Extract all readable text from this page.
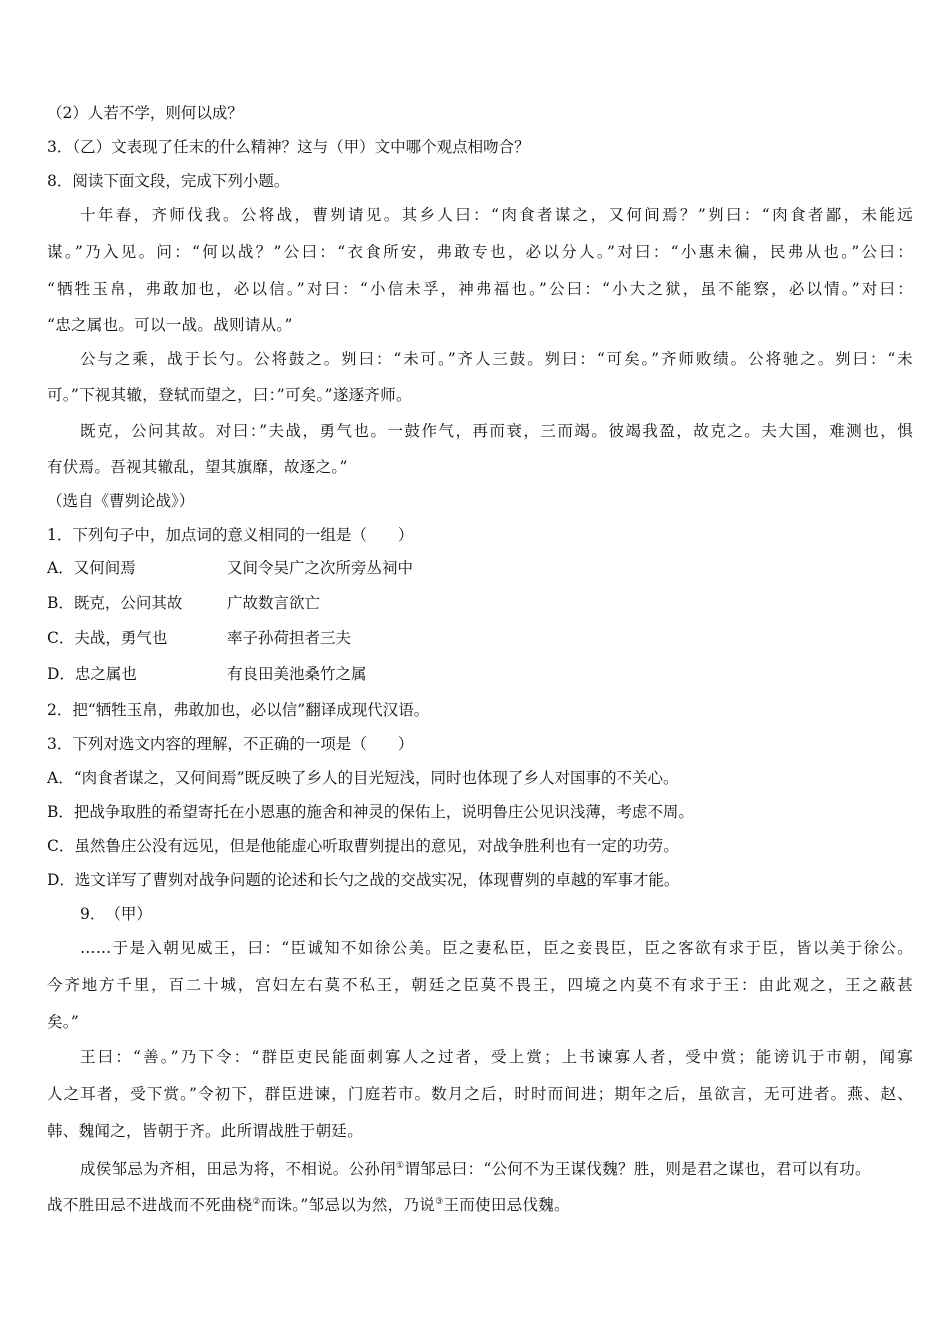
（2）人若不学，则何以成？
3．（乙）文表现了任末的什么精神？这与（甲）文中哪个观点相吻合？
8．阅读下面文段，完成下列小题。
十年春，齐师伐我。公将战，曹刿请见。其乡人曰：“肉食者谋之，又何间焉？”刿曰：“肉食者鄙，未能远
谋。”乃入见。问：“何以战？”公曰：“衣食所安，弗敢专也，必以分人。”对曰：“小惠未徧，民弗从也。”公曰：
“牺牲玉帛，弗敢加也，必以信。”对曰：“小信未孚，神弗福也。”公曰：“小大之狱，虽不能察，必以情。”对曰：
“忠之属也。可以一战。战则请从。”
公与之乘，战于长勺。公将鼓之。刿曰：“未可。”齐人三鼓。刿曰：“可矣。”齐师败绩。公将驰之。刿曰：“未
可。”下视其辙，登轼而望之，曰：”可矣。”遂逐齐师。
既克，公问其故。对曰：”夫战，勇气也。一鼓作气，再而衰，三而竭。彼竭我盈，故克之。夫大国，难测也，惧
有伏焉。吾视其辙乱，望其旗靡，故逐之。”
（选自《曹刿论战》）
1．下列句子中，加点词的意义相同的一组是（　　）
A．又何间焉	又间令吴广之次所旁丛祠中
B．既克，公问其故	广故数言欲亡
C．夫战，勇气也	率子孙荷担者三夫
D．忠之属也	有良田美池桑竹之属
2．把“牺牲玉帛，弗敢加也，必以信”翻译成现代汉语。
3．下列对选文内容的理解，不正确的一项是（　　）
A．“肉食者谋之，又何间焉”既反映了乡人的目光短浅，同时也体现了乡人对国事的不关心。
B．把战争取胜的希望寄托在小恩惠的施舍和神灵的保佑上，说明鲁庄公见识浅薄，考虑不周。
C．虽然鲁庄公没有远见，但是他能虚心听取曹刿提出的意见，对战争胜利也有一定的功劳。
D．选文详写了曹刿对战争问题的论述和长勺之战的交战实况，体现曹刿的卓越的军事才能。
9．　（甲）
……于是入朝见威王，曰：“臣诚知不如徐公美。臣之妻私臣，臣之妾畏臣，臣之客欲有求于臣，皆以美于徐公。
今齐地方千里，百二十城，宫妇左右莫不私王，朝廷之臣莫不畏王，四境之内莫不有求于王：由此观之，王之蔽甚
矣。”
王曰：“善。”乃下令：“群臣吏民能面刺寡人之过者，受上赏；上书谏寡人者，受中赏；能谤讥于市朝，闻寡
人之耳者，受下赏。”令初下，群臣进谏，门庭若市。数月之后，时时而间进；期年之后，虽欲言，无可进者。燕、赵、
韩、魏闻之，皆朝于齐。此所谓战胜于朝廷。
成侯邹忌为齐相，田忌为将，不相说。公孙闬①谓邹忌曰：“公何不为王谋伐魏？胜，则是君之谋也，君可以有功。
战不胜田忌不进战而不死曲桡②而诛。”邹忌以为然，乃说③王而使田忌伐魏。
